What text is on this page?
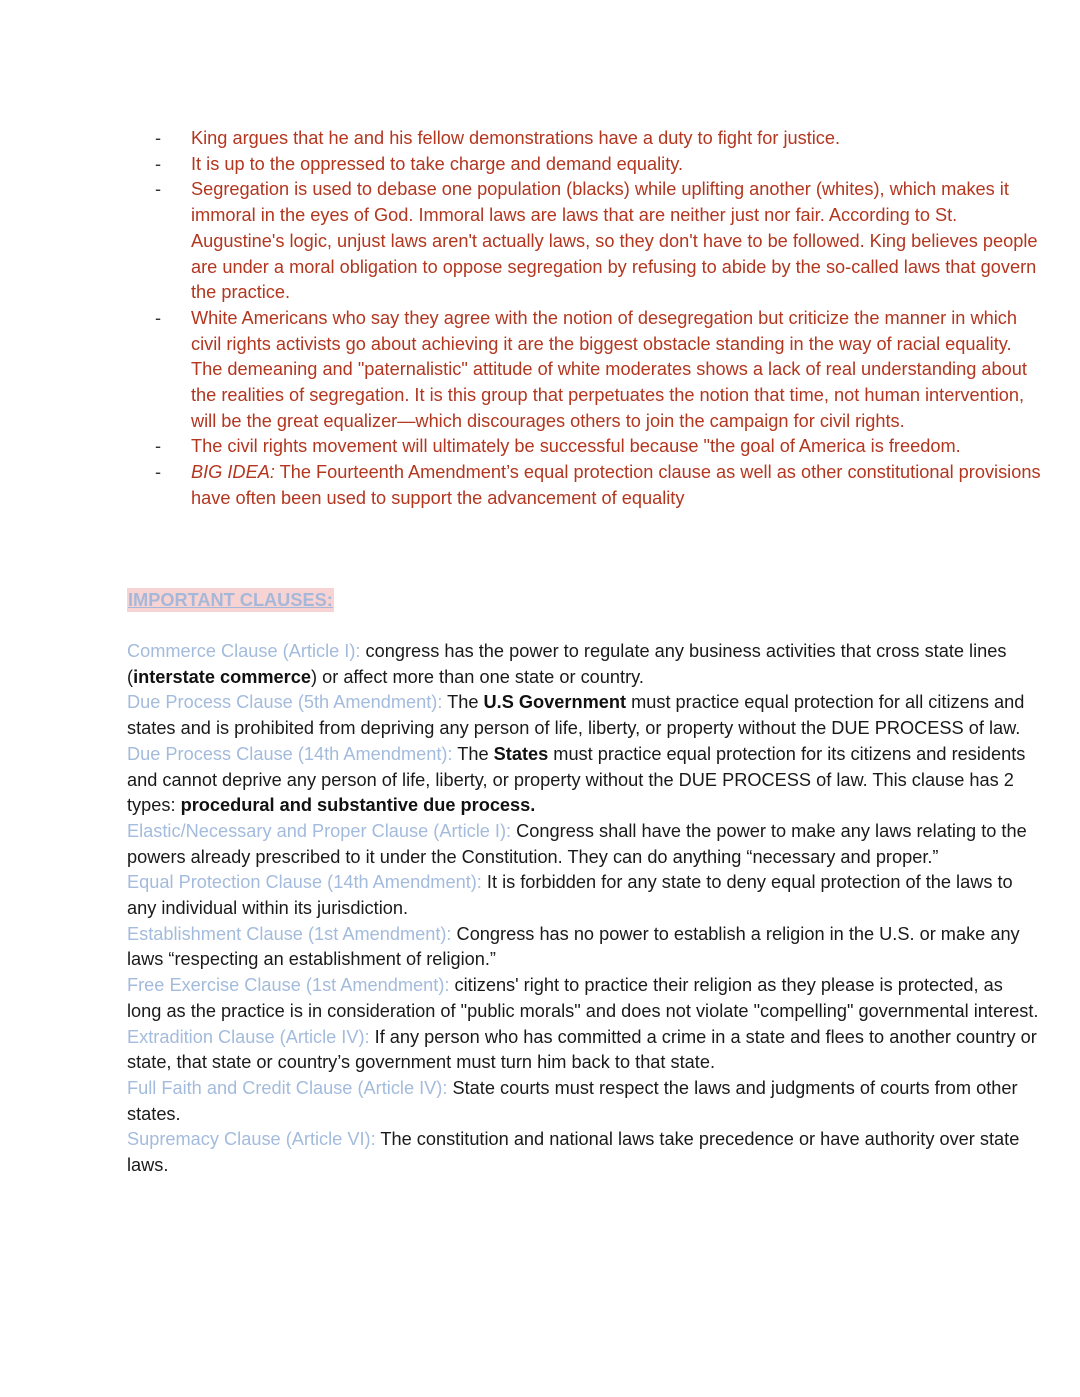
- King argues that he and his fellow demonstrations have a duty to fight for justice.
- It is up to the oppressed to take charge and demand equality.
- Segregation is used to debase one population (blacks) while uplifting another (whites), which makes it immoral in the eyes of God. Immoral laws are laws that are neither just nor fair. According to St. Augustine's logic, unjust laws aren't actually laws, so they don't have to be followed. King believes people are under a moral obligation to oppose segregation by refusing to abide by the so-called laws that govern the practice.
- White Americans who say they agree with the notion of desegregation but criticize the manner in which civil rights activists go about achieving it are the biggest obstacle standing in the way of racial equality. The demeaning and "paternalistic" attitude of white moderates shows a lack of real understanding about the realities of segregation. It is this group that perpetuates the notion that time, not human intervention, will be the great equalizer—which discourages others to join the campaign for civil rights.
- The civil rights movement will ultimately be successful because "the goal of America is freedom.
- BIG IDEA: The Fourteenth Amendment’s equal protection clause as well as other constitutional provisions have often been used to support the advancement of equality
IMPORTANT CLAUSES:

Commerce Clause (Article I): congress has the power to regulate any business activities that cross state lines (interstate commerce) or affect more than one state or country.

Due Process Clause (5th Amendment): The U.S Government must practice equal protection for all citizens and states and is prohibited from depriving any person of life, liberty, or property without the DUE PROCESS of law.

Due Process Clause (14th Amendment): The States must practice equal protection for its citizens and residents and cannot deprive any person of life, liberty, or property without the DUE PROCESS of law. This clause has 2 types: procedural and substantive due process.

Elastic/Necessary and Proper Clause (Article I): Congress shall have the power to make any laws relating to the powers already prescribed to it under the Constitution. They can do anything “necessary and proper.”

Equal Protection Clause (14th Amendment): It is forbidden for any state to deny equal protection of the laws to any individual within its jurisdiction.

Establishment Clause (1st Amendment): Congress has no power to establish a religion in the U.S. or make any laws “respecting an establishment of religion.”

Free Exercise Clause (1st Amendment): citizens' right to practice their religion as they please is protected, as long as the practice is in consideration of "public morals" and does not violate "compelling" governmental interest.

Extradition Clause (Article IV): If any person who has committed a crime in a state and flees to another country or state, that state or country’s government must turn him back to that state.

Full Faith and Credit Clause (Article IV): State courts must respect the laws and judgments of courts from other states.

Supremacy Clause (Article VI): The constitution and national laws take precedence or have authority over state laws.
